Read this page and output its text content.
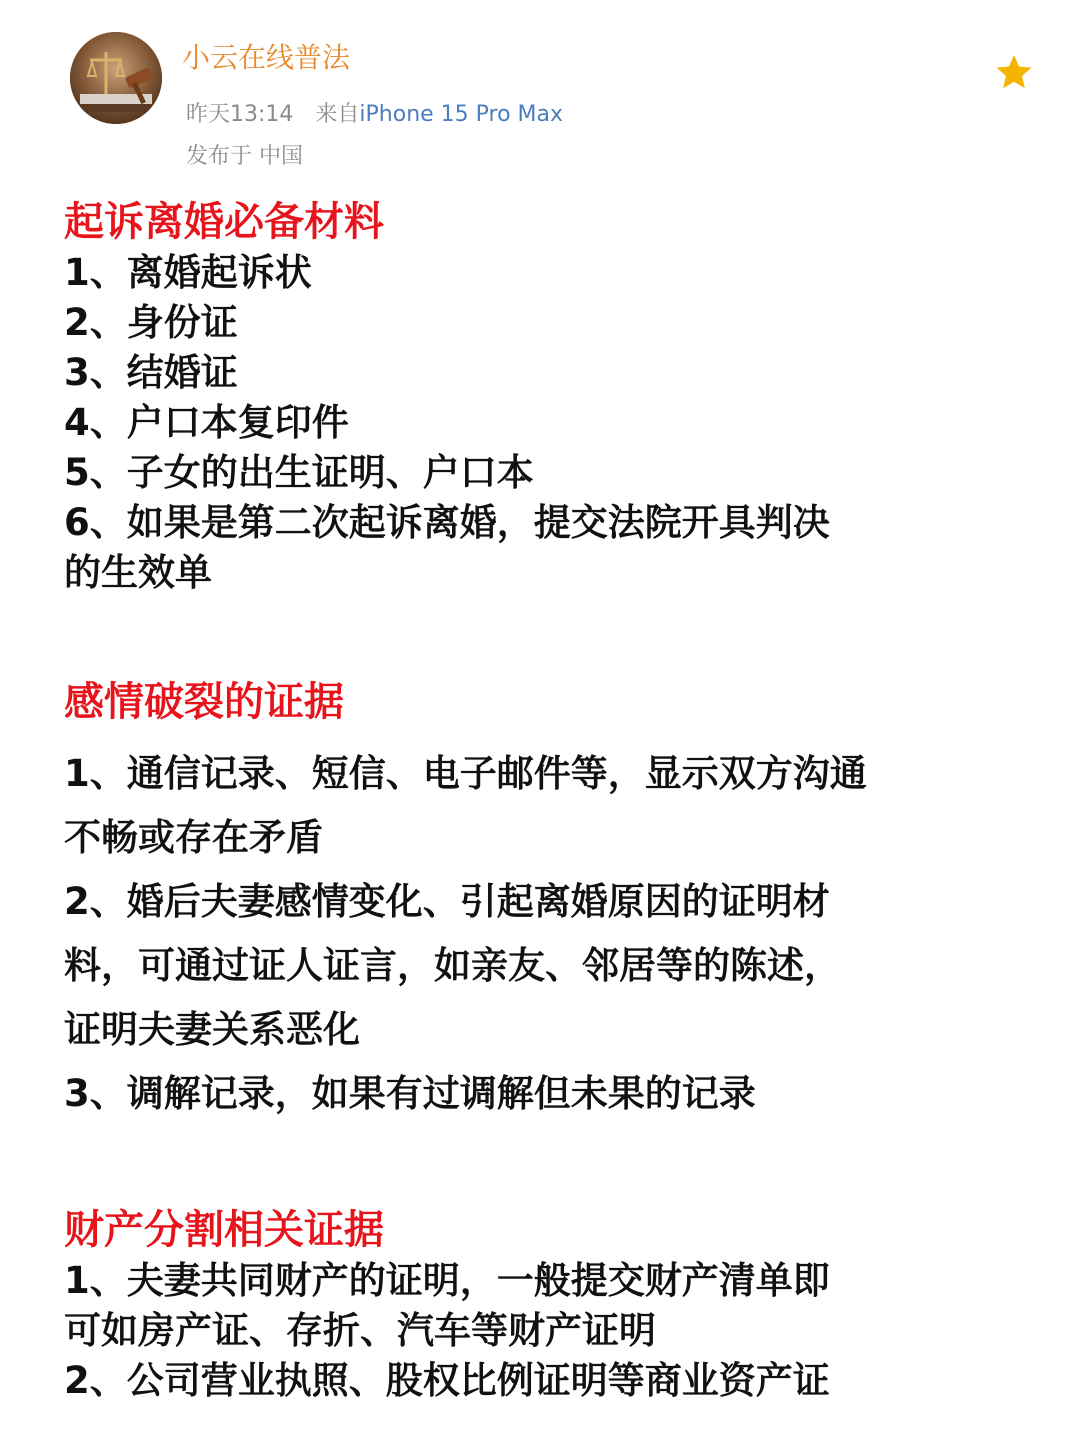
小云在线普法
昨天13:14 来自iPhone 15 Pro Max
发布于 中国
起诉离婚必备材料
1、离婚起诉状
2、身份证
3、结婚证
4、户口本复印件
5、子女的出生证明、户口本
6、如果是第二次起诉离婚，提交法院开具判决
的生效单
感情破裂的证据
1、通信记录、短信、电子邮件等，显示双方沟通
不畅或存在矛盾
2、婚后夫妻感情变化、引起离婚原因的证明材
料，可通过证人证言，如亲友、邻居等的陈述，
证明夫妻关系恶化
3、调解记录，如果有过调解但未果的记录
财产分割相关证据
1、夫妻共同财产的证明，一般提交财产清单即
可如房产证、存折、汽车等财产证明
2、公司营业执照、股权比例证明等商业资产证
